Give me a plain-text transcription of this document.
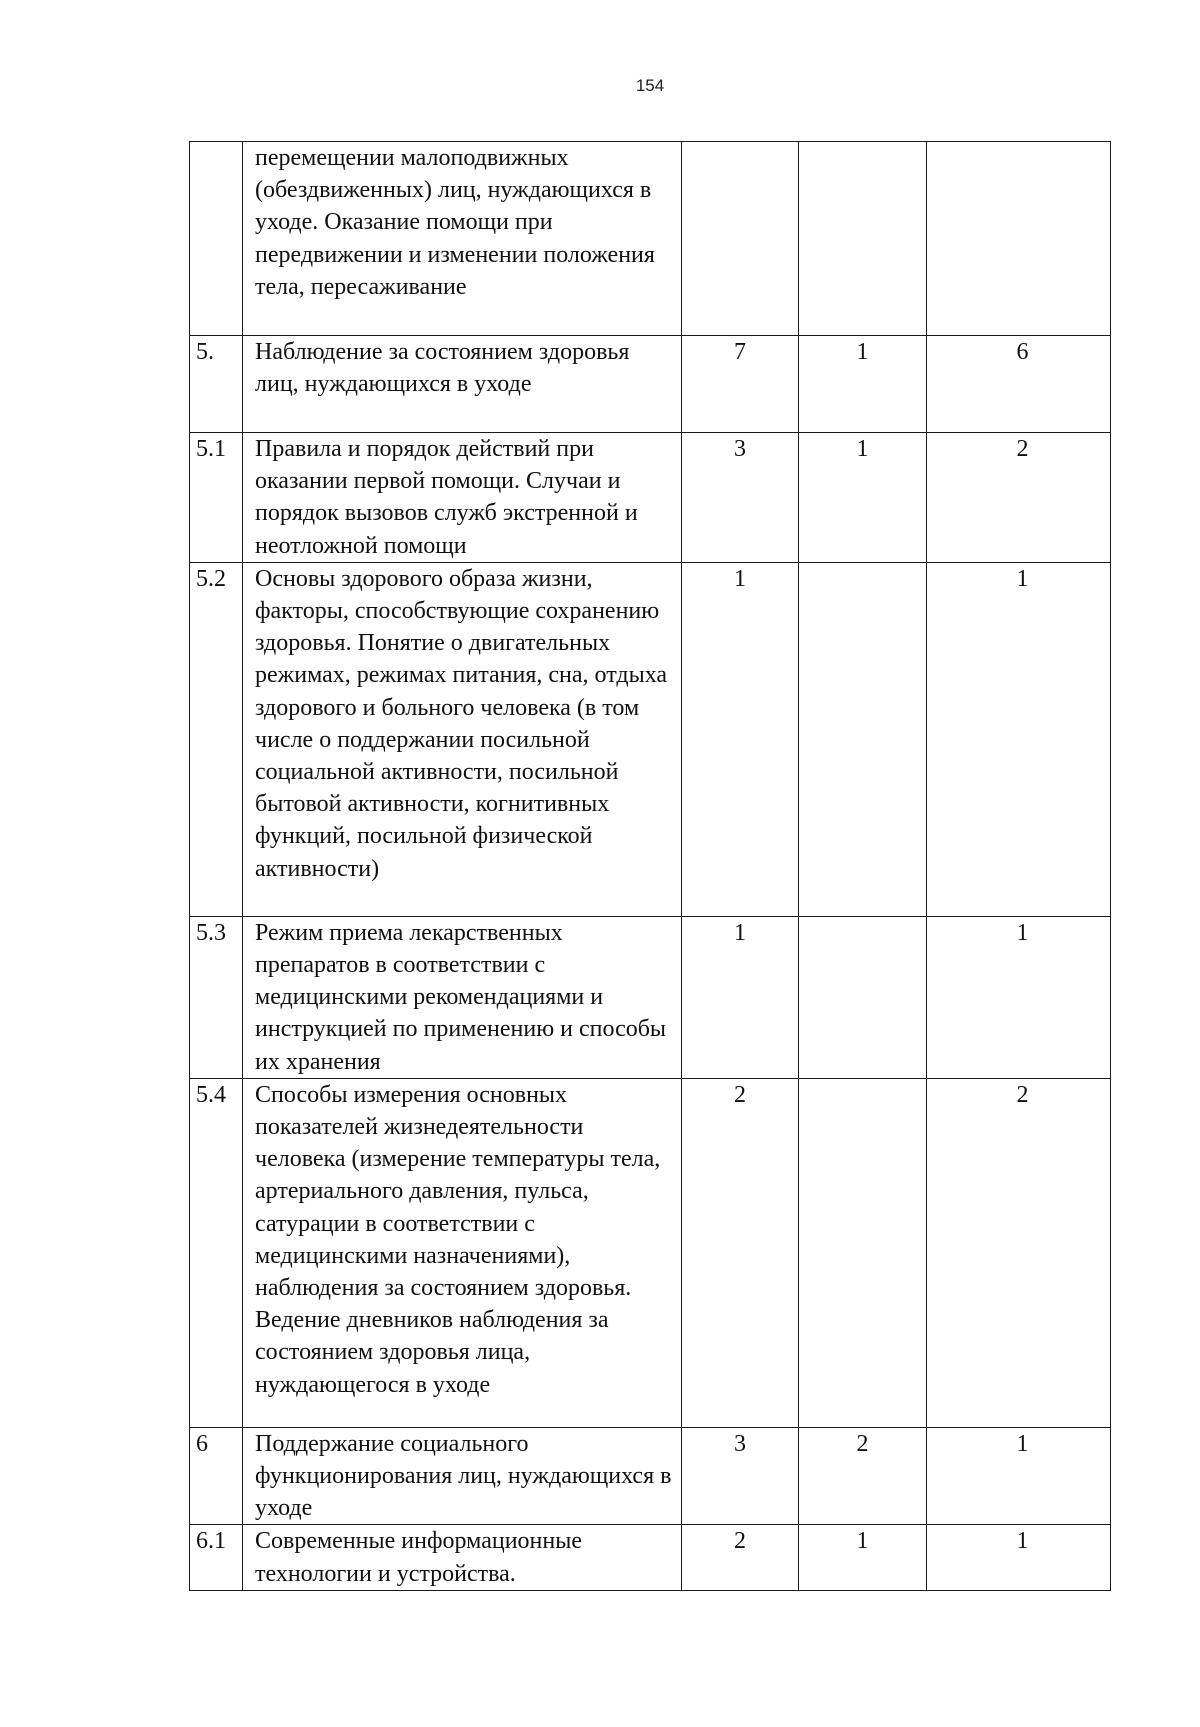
154

	перемещении малоподвижных (обездвиженных) лиц, нуждающихся в уходе. Оказание помощи при передвижении и изменении положения тела, пересаживание			

5.	Наблюдение за состоянием здоровья лиц, нуждающихся в уходе	7	1	6
5.1	Правила и порядок действий при оказании первой помощи. Случаи и порядок вызовов служб экстренной и неотложной помощи	3	1	2
5.2	Основы здорового образа жизни, факторы, способствующие сохранению здоровья. Понятие о двигательных режимах, режимах питания, сна, отдыха здорового и больного человека (в том числе о поддержании посильной социальной активности, посильной бытовой активности, когнитивных функций, посильной физической активности)	1		1
5.3	Режим приема лекарственных препаратов в соответствии с медицинскими рекомендациями и инструкцией по применению и способы их хранения	1		1
5.4	Способы измерения основных показателей жизнедеятельности человека (измерение температуры тела, артериального давления, пульса, сатурации в соответствии с медицинскими назначениями), наблюдения за состоянием здоровья. Ведение дневников наблюдения за состоянием здоровья лица, нуждающегося в уходе	2		2
6	Поддержание социального функционирования лиц, нуждающихся в уходе	3	2	1
6.1	Современные информационные технологии и устройства.	2	1	1
